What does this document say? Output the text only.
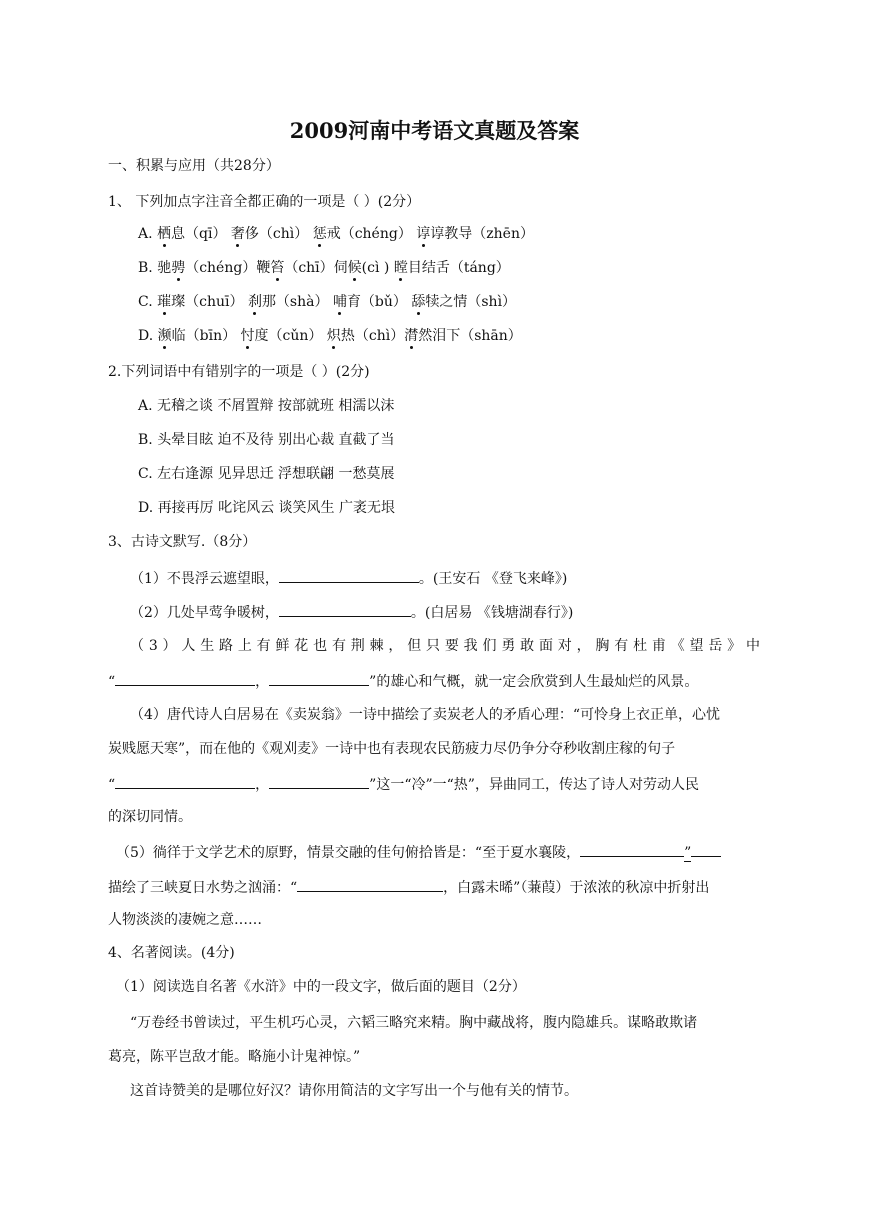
2009河南中考语文真题及答案
一、积累与应用（共28分）
1、 下列加点字注音全都正确的一项是（ ）(2分）
A. 栖息（qī） 奢侈（chì） 惩戒（chéng） 谆谆教导（zhēn）
B. 驰骋（chéng）鞭笞（chī）伺候(cì ) 瞠目结舌（táng）
C. 璀璨（chuī） 刹那（shà） 哺育（bǔ） 舔犊之情（shì）
D. 濒临（bīn） 忖度（cǔn） 炽热（chì）潸然泪下（shān）
2.下列词语中有错别字的一项是（ ）(2分)
A. 无稽之谈 不屑置辩 按部就班 相濡以沫
B. 头晕目眩 迫不及待 别出心裁 直截了当
C. 左右逢源 见异思迁 浮想联翩 一愁莫展
D. 再接再厉 叱诧风云 谈笑风生 广袤无垠
3、古诗文默写.（8分）
（1）不畏浮云遮望眼，	。(王安石 《登飞来峰》)
（2）几处早莺争暖树，	。(白居易 《钱塘湖春行》)
（3）人生路上有鲜花也有荆棘，但只要我们勇敢面对，胸有杜甫《望岳》中
“	，	”的雄心和气概，就一定会欣赏到人生最灿烂的风景。
（4）唐代诗人白居易在《卖炭翁》一诗中描绘了卖炭老人的矛盾心理：“可怜身上衣正单，心忧
炭贱愿天寒”，而在他的《观刈麦》一诗中也有表现农民筋疲力尽仍争分夺秒收割庄稼的句子
“	，	”这一“冷”一“热”，异曲同工，传达了诗人对劳动人民
的深切同情。
（5）徜徉于文学艺术的原野，情景交融的佳句俯拾皆是：“至于夏水襄陵，	”
描绘了三峡夏日水势之汹涌：“	，白露未晞”（蒹葭）于浓浓的秋凉中折射出
人物淡淡的凄婉之意……
4、名著阅读。(4分)
（1）阅读选自名著《水浒》中的一段文字，做后面的题目（2分）
“万卷经书曾读过，平生机巧心灵，六韬三略究来精。胸中藏战将，腹内隐雄兵。谋略敢欺诸
葛亮，陈平岂敌才能。略施小计鬼神惊。”
这首诗赞美的是哪位好汉？请你用简洁的文字写出一个与他有关的情节。
